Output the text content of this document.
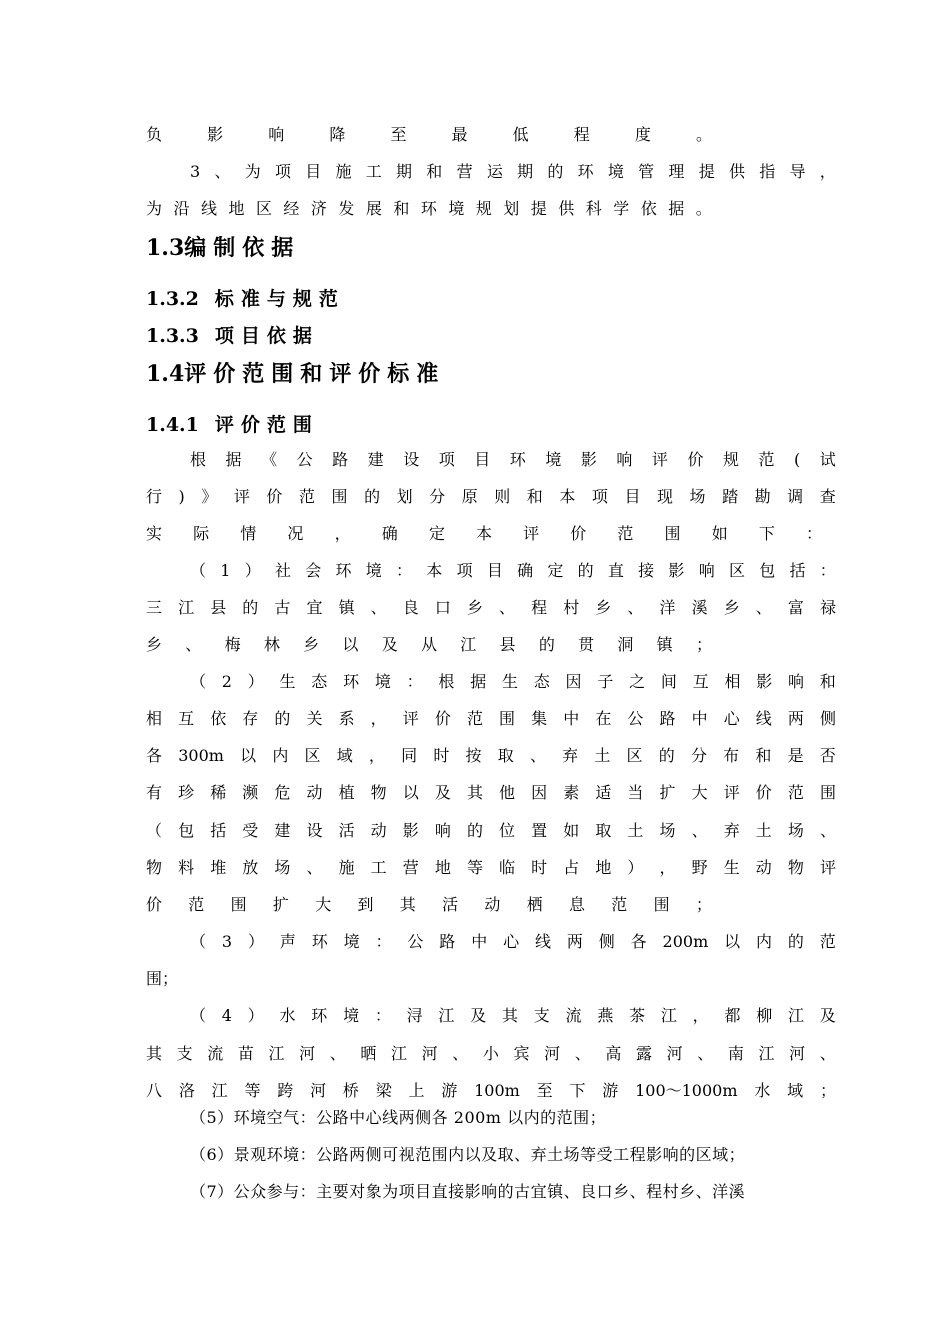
负	影	响	降	至	最	低	程	度	。
3 、 为 项 目 施 工 期 和 营 运 期 的 环 境 管 理 提 供 指 导 ，
为 沿 线 地 区 经 济 发 展 和 环 境 规 划 提 供 科 学 依 据 。
1.3编制依据
1.3.2 标准与规范
1.3.3 项目依据
1.4评价范围和评价标准
1.4.1 评价范围
根 据 《 公 路 建 设 项 目 环 境 影 响 评 价 规 范 ( 试
行 ) 》 评 价 范 围 的 划 分 原 则 和 本 项 目 现 场 踏 勘 调 查
实 际 情 况 ， 确 定 本 评 价 范 围 如 下 ：
（ 1 ） 社 会 环 境 ： 本 项 目 确 定 的 直 接 影 响 区 包 括 ：
三 江 县 的 古 宜 镇 、 良 口 乡 、 程 村 乡 、 洋 溪 乡 、 富 禄
乡 、 梅 林 乡 以 及 从 江 县 的 贯 洞 镇 ；
（ 2 ） 生 态 环 境 ： 根 据 生 态 因 子 之 间 互 相 影 响 和
相 互 依 存 的 关 系 ， 评 价 范 围 集 中 在 公 路 中 心 线 两 侧
各 300m 以 内 区 域 ， 同 时 按 取 、 弃 土 区 的 分 布 和 是 否
有 珍 稀 濒 危 动 植 物 以 及 其 他 因 素 适 当 扩 大 评 价 范 围
（ 包 括 受 建 设 活 动 影 响 的 位 置 如 取 土 场 、 弃 土 场 、
物 料 堆 放 场 、 施 工 营 地 等 临 时 占 地 ） ， 野 生 动 物 评
价 范 围 扩 大 到 其 活 动 栖 息 范 围 ；
（ 3 ） 声 环 境 ： 公 路 中 心 线 两 侧 各 200m 以 内 的 范
围；
（ 4 ） 水 环 境 ： 浔 江 及 其 支 流 燕 茶 江 ， 都 柳 江 及
其 支 流 苗 江 河 、 晒 江 河 、 小 宾 河 、 高 露 河 、 南 江 河 、
八 洛 江 等 跨 河 桥 梁 上 游 100m 至 下 游 100～1000m 水 域 ；
（5）环境空气：公路中心线两侧各 200m 以内的范围；
（6）景观环境：公路两侧可视范围内以及取、弃土场等受工程影响的区域；
（7）公众参与：主要对象为项目直接影响的古宜镇、良口乡、程村乡、洋溪
